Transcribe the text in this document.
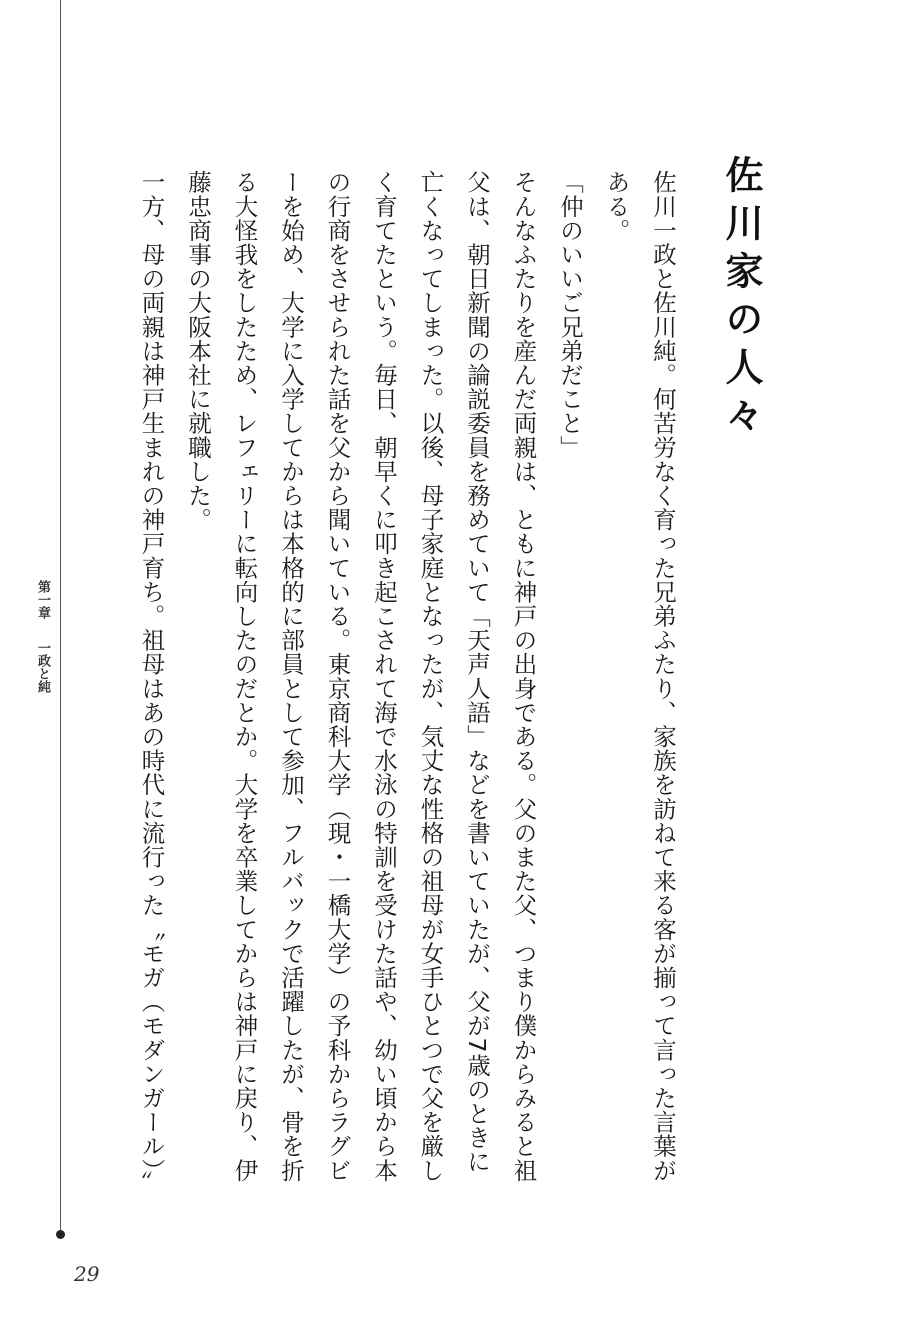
第一章一政と純
佐川家の人々

佐川一政と佐川純。何苦労なく育った兄弟ふたり、家族を訪ねて来る客が揃って言った言葉がある。

「仲のいいご兄弟だこと」

そんなふたりを産んだ両親は、ともに神戸の出身である。父のまた父、つまり僕からみると祖父は、朝日新聞の論説委員を務めていて「天声人語」などを書いていたが、父が7歳のときに亡くなってしまった。以後、母子家庭となったが、気丈な性格の祖母が女手ひとつで父を厳しく育てたという。毎日、朝早くに叩き起こされて海で水泳の特訓を受けた話や、幼い頃から本の行商をさせられた話を父から聞いている。東京商科大学（現・一橋大学）の予科からラグビーを始め、大学に入学してからは本格的に部員として参加、フルバックで活躍したが、骨を折る大怪我をしたため、レフェリーに転向したのだとか。大学を卒業してからは神戸に戻り、伊藤忠商事の大阪本社に就職した。

一方、母の両親は神戸生まれの神戸育ち。祖母はあの時代に流行った〝モガ（モダンガール）〟

29
